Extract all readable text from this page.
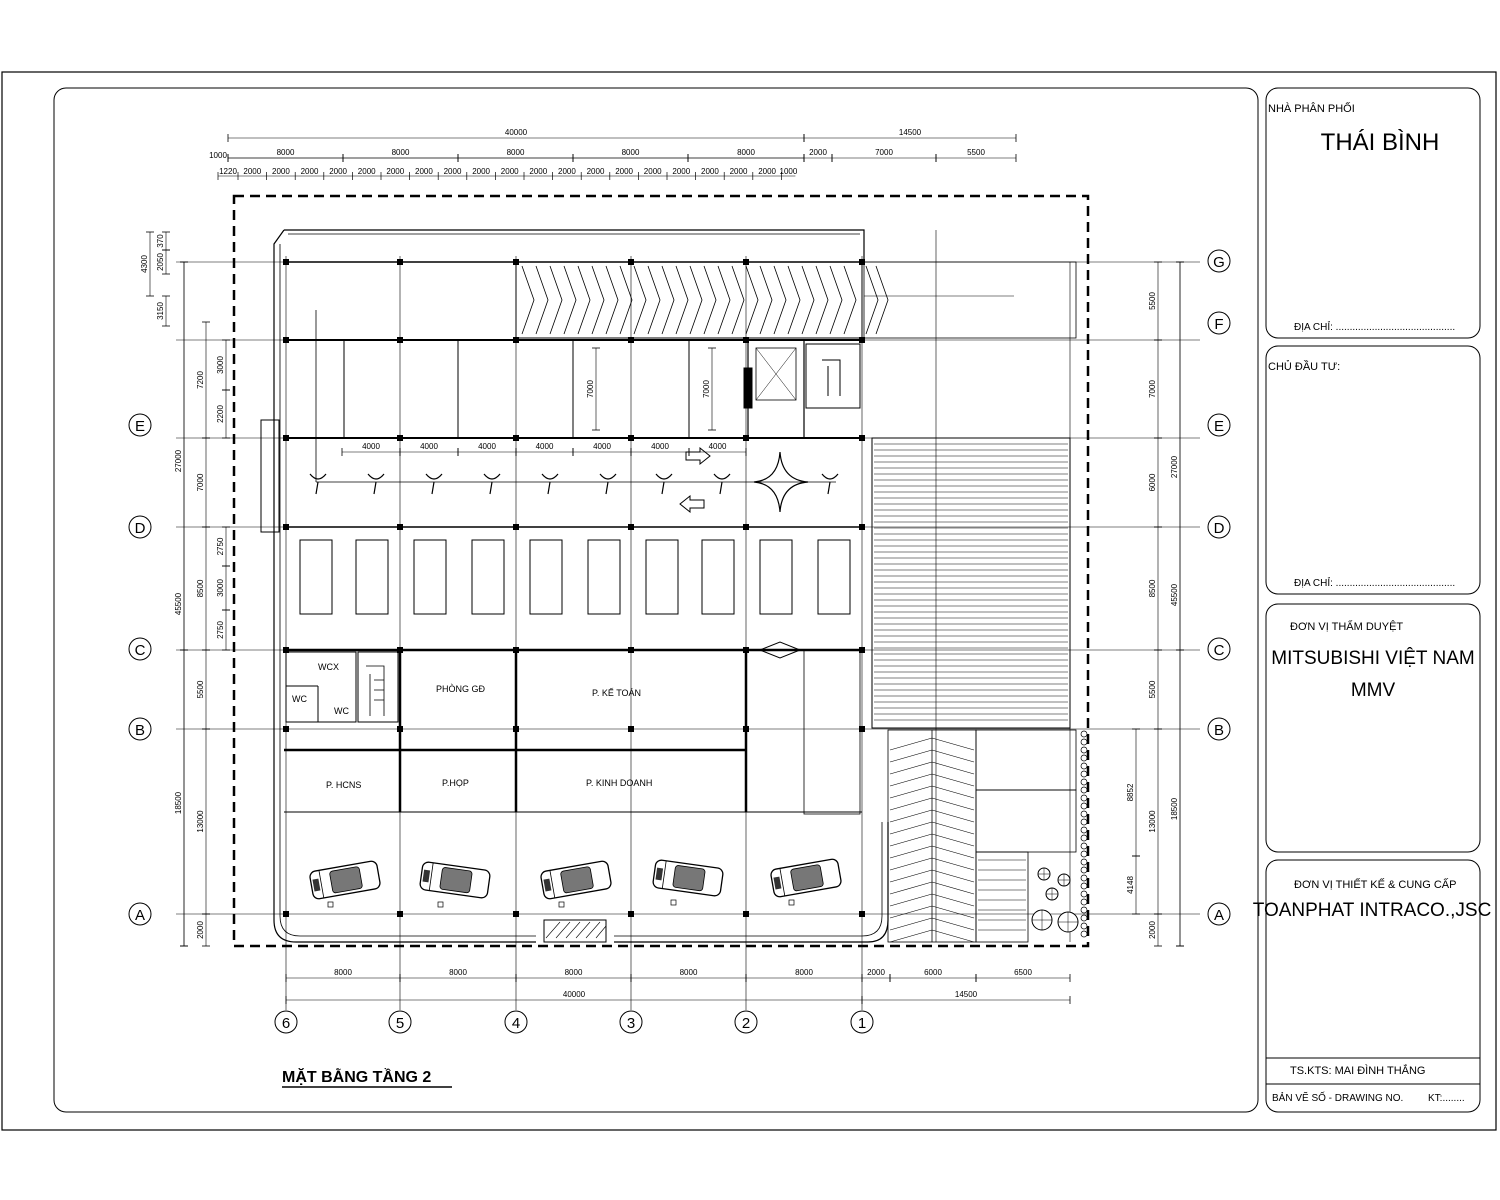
NHÀ PHÂN PHỐI
THÁI BÌNH
ĐỊA CHỈ: ...........................................
CHỦ ĐẦU TƯ:
ĐỊA CHỈ: ...........................................
ĐƠN VỊ THẨM DUYỆT
MITSUBISHI VIỆT NAM
MMV
ĐƠN VỊ THIẾT KẾ & CUNG CẤP
TOANPHAT INTRACO.,JSC
TS.KTS: MAI ĐÌNH THẮNG
BẢN VẼ SỐ - DRAWING NO. KT:........
MẶT BẰNG TẦNG 2
WCX
WC
WC
PHÒNG GĐ	P. KẾ TOÁN
P. HCNS	P.HỌP	P. KINH DOANH
40000	14500
8000	8000	8000	8000	8000
1000	2000	7000	5500
1220 2000 2000 2000 2000 2000 2000 2000 2000 2000 2000 2000 2000 2000 2000 2000 2000 2000 2000 2000 1000
8000	8000	8000	8000	8000	2000	6000	6500
40000	14500
45500
27000
18500
7200
7000
8500
5500
13000
2000
3000
2200
2750
3000
2750
4300
3150
370
2050
45500
27000
18500
5500
7000
6000
8500
5500
13000
2000
8852
4148
7000	7000
4000	4000	4000	4000	4000	4000	4000
6	5	4	3	2	1
E
D
C
B
A
G
F
E
D
C
B
A
